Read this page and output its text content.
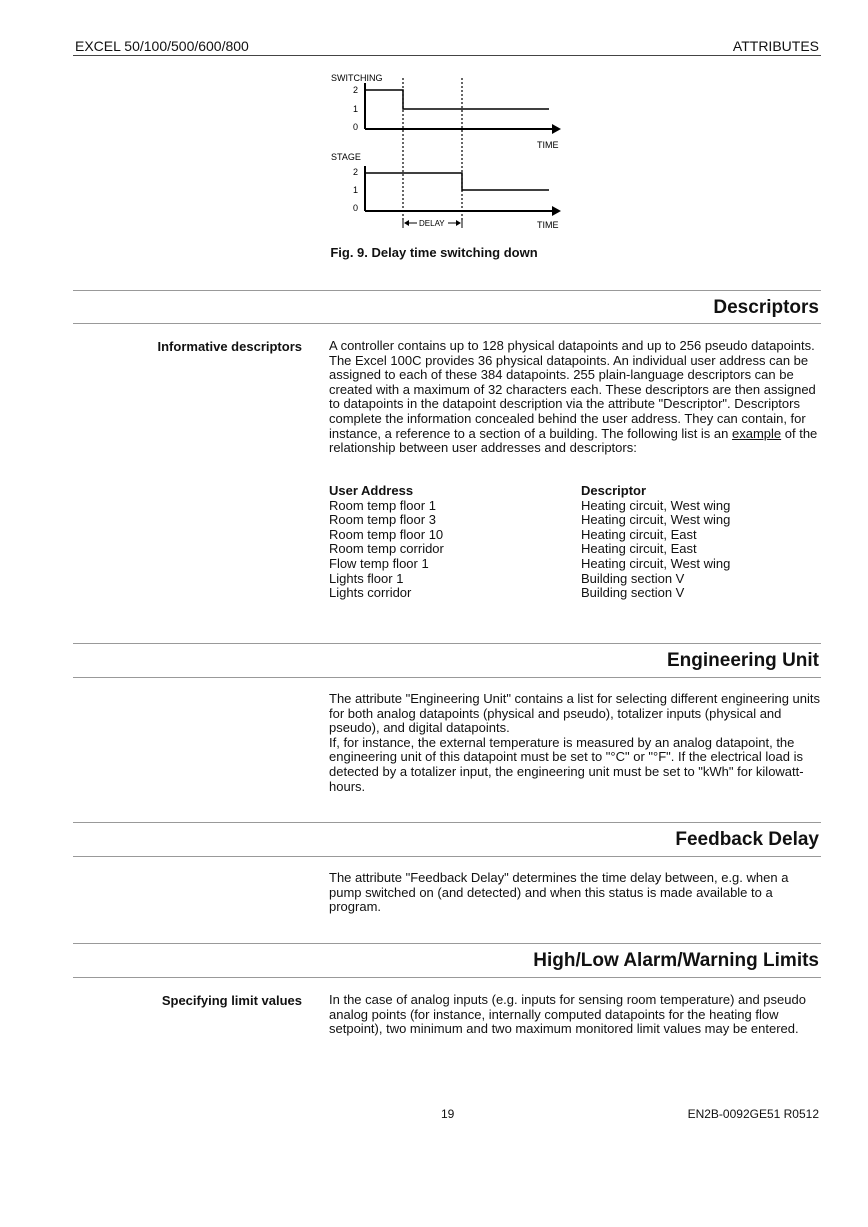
EXCEL 50/100/500/600/800	ATTRIBUTES
SWITCHING
2
1
0
TIME
STAGE
2
1
0
TIME
DELAY
Fig. 9. Delay time switching down
Descriptors
Informative descriptors A controller contains up to 128 physical datapoints and up to 256 pseudo datapoints. The Excel 100C provides 36 physical datapoints. An individual user address can be assigned to each of these 384 datapoints. 255 plain-language descriptors can be created with a maximum of 32 characters each. These descriptors are then assigned to datapoints in the datapoint description via the attribute "Descriptor". Descriptors complete the information concealed behind the user address. They can contain, for instance, a reference to a section of a building. The following list is an example of the relationship between user addresses and descriptors:
User Address	Descriptor
Room temp floor 1	Heating circuit, West wing
Room temp floor 3	Heating circuit, West wing
Room temp floor 10	Heating circuit, East
Room temp corridor	Heating circuit, East
Flow temp floor 1	Heating circuit, West wing
Lights floor 1	Building section V
Lights corridor	Building section V
Engineering Unit
The attribute "Engineering Unit" contains a list for selecting different engineering units for both analog datapoints (physical and pseudo), totalizer inputs (physical and pseudo), and digital datapoints.
If, for instance, the external temperature is measured by an analog datapoint, the engineering unit of this datapoint must be set to "°C" or "°F". If the electrical load is detected by a totalizer input, the engineering unit must be set to "kWh" for kilowatt-hours.
Feedback Delay
The attribute "Feedback Delay" determines the time delay between, e.g. when a pump switched on (and detected) and when this status is made available to a program.
High/Low Alarm/Warning Limits
Specifying limit values In the case of analog inputs (e.g. inputs for sensing room temperature) and pseudo analog points (for instance, internally computed datapoints for the heating flow setpoint), two minimum and two maximum monitored limit values may be entered.
19	EN2B-0092GE51 R0512
